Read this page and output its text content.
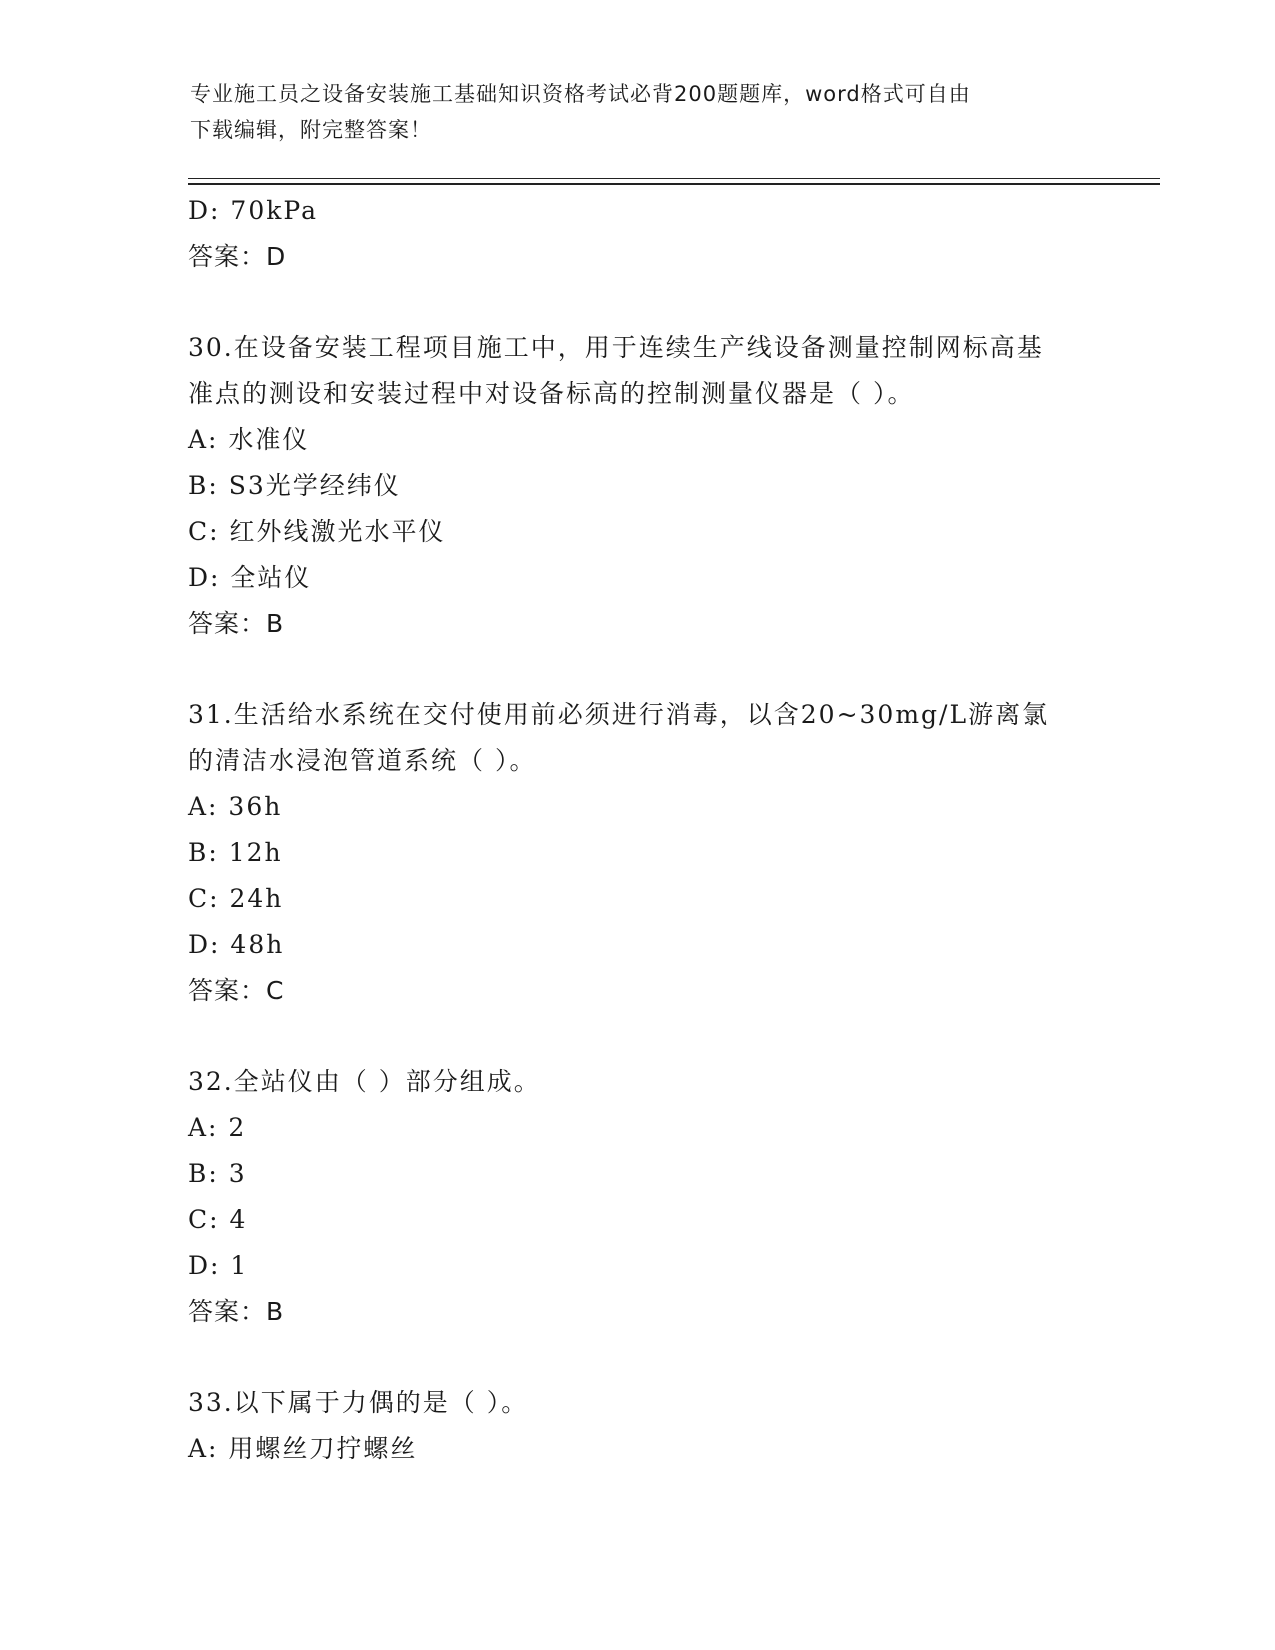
专业施工员之设备安装施工基础知识资格考试必背200题题库，word格式可自由
下载编辑，附完整答案！
D: 70kPa
答案：D
30.在设备安装工程项目施工中，用于连续生产线设备测量控制网标高基准点的测设和安装过程中对设备标高的控制测量仪器是（ ）。
A: 水准仪
B: S3光学经纬仪
C: 红外线激光水平仪
D: 全站仪
答案：B
31.生活给水系统在交付使用前必须进行消毒，以含20~30mg/L游离氯的清洁水浸泡管道系统（ ）。
A: 36h
B: 12h
C: 24h
D: 48h
答案：C
32.全站仪由（ ）部分组成。
A: 2
B: 3
C: 4
D: 1
答案：B
33.以下属于力偶的是（ ）。
A: 用螺丝刀拧螺丝
